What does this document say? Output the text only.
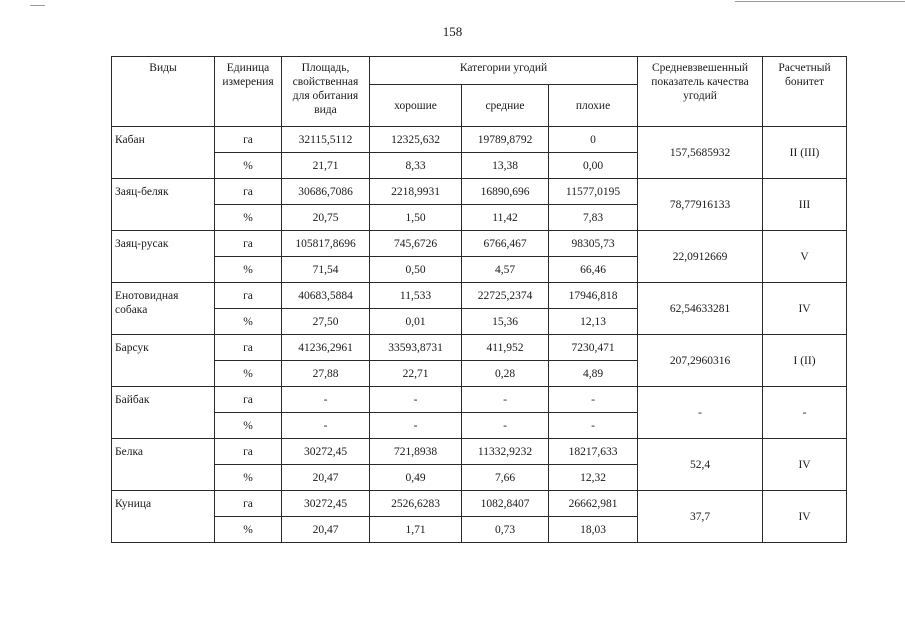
158
Виды	Единица измерения	Площадь, свойственная для обитания вида	Категории угодий			Средневзвешенный показатель качества угодий	Расчетный бонитет
			хорошие	средние	плохие		
Кабан	га	32115,5112	12325,632	19789,8792	0	157,5685932	II (III)
	%	21,71	8,33	13,38	0,00		
Заяц-беляк	га	30686,7086	2218,9931	16890,696	11577,0195	78,77916133	III
	%	20,75	1,50	11,42	7,83		
Заяц-русак	га	105817,8696	745,6726	6766,467	98305,73	22,0912669	V
	%	71,54	0,50	4,57	66,46		
Енотовидная собака	га	40683,5884	11,533	22725,2374	17946,818	62,54633281	IV
	%	27,50	0,01	15,36	12,13		
Барсук	га	41236,2961	33593,8731	411,952	7230,471	207,2960316	I (II)
	%	27,88	22,71	0,28	4,89		
Байбак	га	-	-	-	-	-	-
	%	-	-	-	-		
Белка	га	30272,45	721,8938	11332,9232	18217,633	52,4	IV
	%	20,47	0,49	7,66	12,32		
Куница	га	30272,45	2526,6283	1082,8407	26662,981	37,7	IV
	%	20,47	1,71	0,73	18,03		
